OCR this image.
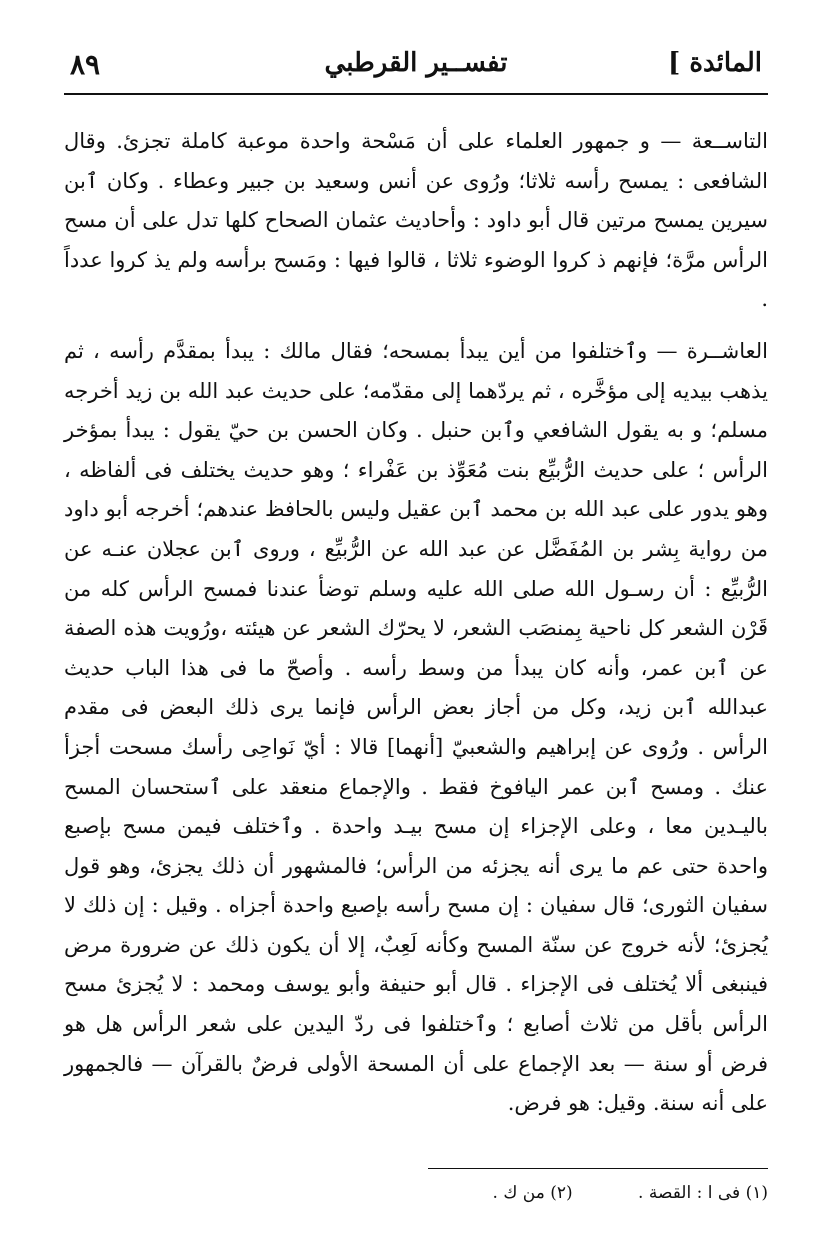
٨٩	تفســير القرطبي	المائدة ]

التاســعة — و جمهور العلماء على أن مَسْحة واحدة موعبة كاملة تجزئ. وقال الشافعى : يمسح رأسه ثلاثا؛ ورُوى عن أنس وسعيد بن جبير وعطاء . وكان ٱبن سيرين يمسح مرتين قال أبو داود : وأحاديث عثمان الصحاح كلها تدل على أن مسح الرأس مرَّة؛ فإنهم ذ كروا الوضوء ثلاثا ، قالوا فيها : ومَسح برأسه ولم يذ كروا عدداً .

العاشــرة — وٱختلفوا من أين يبدأ بمسحه؛ فقال مالك : يبدأ بمقدَّم رأسه ، ثم يذهب بيديه إلى مؤخَّره ، ثم يردّهما إلى مقدّمه؛ على حديث عبد الله بن زيد أخرجه مسلم؛ و به يقول الشافعي وٱبن حنبل . وكان الحسن بن حيّ يقول : يبدأ بمؤخر الرأس ؛ على حديث الرُّبيِّع بنت مُعَوِّذ بن عَفْراء ؛ وهو حديث يختلف فى ألفاظه ، وهو يدور على عبد الله بن محمد ٱبن عقيل وليس بالحافظ عندهم؛ أخرجه أبو داود من رواية بِشر بن المُفَضَّل عن عبد الله عن الرُّبيِّع ، وروى ٱبن عجلان عنـه عن الرُّبيِّع : أن رسـول الله صلى الله عليه وسلم توضأ عندنا فمسح الرأس كله من قَرْن الشعر كل ناحية بِمنصَب الشعر، لا يحرّك الشعر عن هيئته ،ورُويت هذه الصفة عن ٱبن عمر، وأنه كان يبدأ من وسط رأسه . وأصحّ ما فى هذا الباب حديث عبدالله ٱبن زيد، وكل من أجاز بعض الرأس فإنما يرى ذلك البعض فى مقدم الرأس . ورُوى عن إبراهيم والشعبيّ [أنهما] قالا : أيّ نَواحِى رأسك مسحت أجزأ عنك . ومسح ٱبن عمر اليافوخ فقط . والإجماع منعقد على ٱستحسان المسح باليـدين معا ، وعلى الإجزاء إن مسح بيـد واحدة . وٱختلف فيمن مسح بإصبع واحدة حتى عم ما يرى أنه يجزئه من الرأس؛ فالمشهور أن ذلك يجزئ، وهو قول سفيان الثورى؛ قال سفيان : إن مسح رأسه بإصبع واحدة أجزاه . وقيل : إن ذلك لا يُجزئ؛ لأنه خروج عن سنّة المسح وكأنه لَعِبٌ، إلا أن يكون ذلك عن ضرورة مرض فينبغى ألا يُختلف فى الإجزاء . قال أبو حنيفة وأبو يوسف ومحمد : لا يُجزئ مسح الرأس بأقل من ثلاث أصابع ؛ وٱختلفوا فى ردّ اليدين على شعر الرأس هل هو فرض أو سنة — بعد الإجماع على أن المسحة الأولى فرضٌ بالقرآن — فالجمهور على أنه سنة. وقيل: هو فرض.

(١) فى ا : القصة . (٢) من ك .
